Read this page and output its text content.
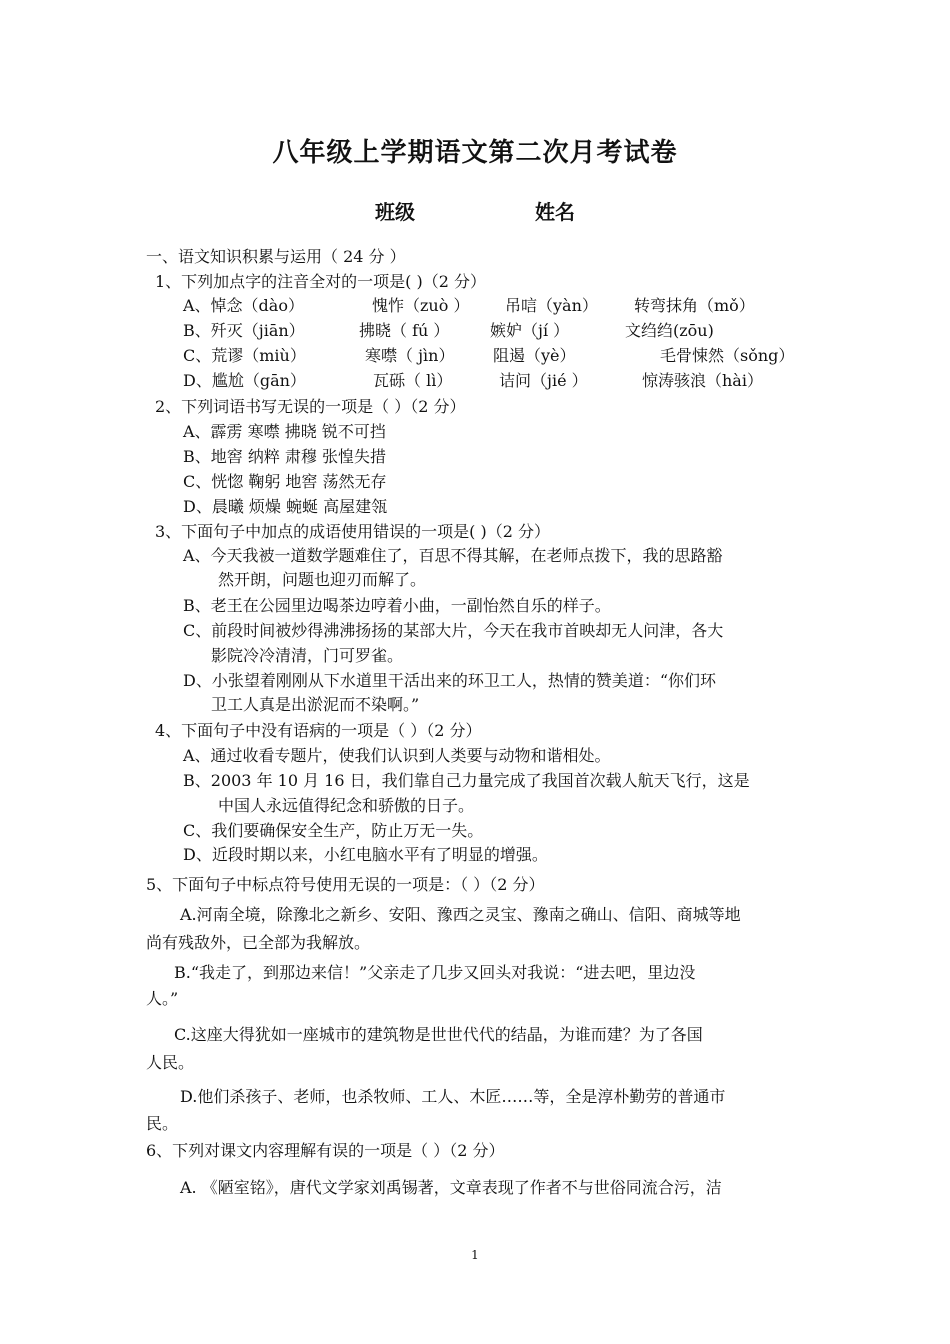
八年级上学期语文第二次月考试卷
班级	姓名
一、语文知识积累与运用（ 24 分 ）
1、下列加点字的注音全对的一项是( )（2 分）
A、悼念（dào）	愧怍（zuò ） 吊唁（yàn） 转弯抹角（mǒ）
B、歼灭（jiān）	拂晓（ fú ）	嫉妒（jí ）	文绉绉(zōu)
C、荒谬（miù）	寒噤（ jìn） 阻遏（yè）	毛骨悚然（sǒng）
D、尴尬（gān）	瓦砾（ lì）	诘问（jié ）	惊涛骇浪（hài）
2、下列词语书写无误的一项是（ ）（2 分）
A、霹雳 寒噤 拂晓 锐不可挡
B、地窖 纳粹 肃穆 张惶失措
C、恍惚 鞠躬 地窖 荡然无存
D、晨曦 烦燥 蜿蜒 高屋建瓴
3、下面句子中加点的成语使用错误的一项是( )（2 分）
A、今天我被一道数学题难住了，百思不得其解，在老师点拨下，我的思路豁
然开朗，问题也迎刃而解了。
B、老王在公园里边喝茶边哼着小曲，一副怡然自乐的样子。
C、前段时间被炒得沸沸扬扬的某部大片，今天在我市首映却无人问津，各大
影院冷冷清清，门可罗雀。
D、小张望着刚刚从下水道里干活出来的环卫工人，热情的赞美道：“你们环
卫工人真是出淤泥而不染啊。”
4、下面句子中没有语病的一项是（ ）（2 分）
A、通过收看专题片，使我们认识到人类要与动物和谐相处。
B、2003 年 10 月 16 日，我们靠自己力量完成了我国首次载人航天飞行，这是
中国人永远值得纪念和骄傲的日子。
C、我们要确保安全生产，防止万无一失。
D、近段时期以来，小红电脑水平有了明显的增强。
5、下面句子中标点符号使用无误的一项是：（ ）（2 分）
A.河南全境，除豫北之新乡、安阳、豫西之灵宝、豫南之确山、信阳、商城等地
尚有残敌外，已全部为我解放。
B.“我走了，到那边来信！”父亲走了几步又回头对我说：“进去吧，里边没
人。”
C.这座大得犹如一座城市的建筑物是世世代代的结晶，为谁而建？为了各国
人民。
D.他们杀孩子、老师，也杀牧师、工人、木匠……等，全是淳朴勤劳的普通市
民。
6、下列对课文内容理解有误的一项是（ ）（2 分）
A. 《陋室铭》，唐代文学家刘禹锡著，文章表现了作者不与世俗同流合污，洁
1
